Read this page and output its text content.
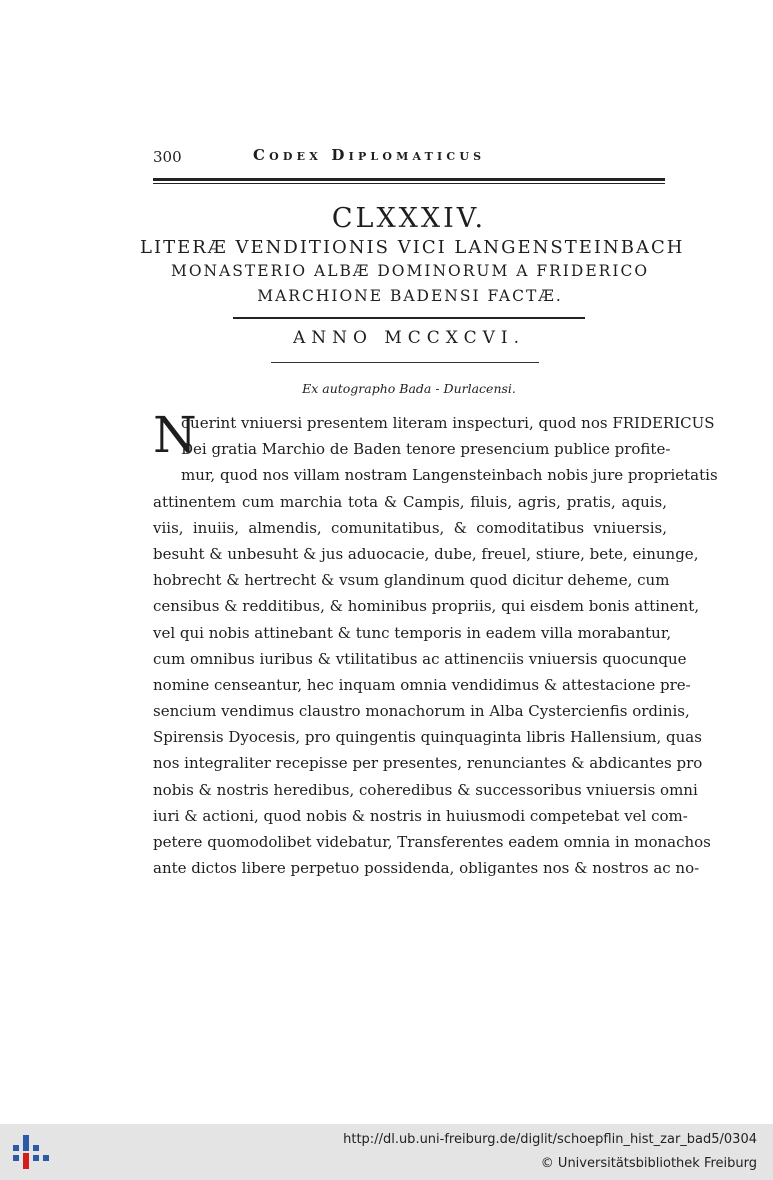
300	Codex Diplomaticus
CLXXXIV.
LITERÆ VENDITIONIS VICI LANGENSTEINBACH
MONASTERIO ALBÆ DOMINORUM A FRIDERICO
MARCHIONE BADENSI FACTÆ.
ANNO MCCXCVI.
Ex autographo Bada - Durlacensi.
N
ouerint vniuersi presentem literam inspecturi, quod nos FRIDERICUS
Dei gratia Marchio de Baden tenore presencium publice profite-
mur, quod nos villam nostram Langensteinbach nobis jure proprietatis
attinentem cum marchia tota & Campis, filuis, agris, pratis, aquis,
viis, inuiis, almendis, comunitatibus, & comoditatibus vniuersis,
besuht & unbesuht & jus aduocacie, dube, freuel, stiure, bete, einunge,
hobrecht & hertrecht & vsum glandinum quod dicitur deheme, cum
censibus & redditibus, & hominibus propriis, qui eisdem bonis attinent,
vel qui nobis attinebant & tunc temporis in eadem villa morabantur,
cum omnibus iuribus & vtilitatibus ac attinenciis vniuersis quocunque
nomine censeantur, hec inquam omnia vendidimus & attestacione pre-
sencium vendimus claustro monachorum in Alba Cystercienfis ordinis,
Spirensis Dyocesis, pro quingentis quinquaginta libris Hallensium, quas
nos integraliter recepisse per presentes, renunciantes & abdicantes pro
nobis & nostris heredibus, coheredibus & successoribus vniuersis omni
iuri & actioni, quod nobis & nostris in huiusmodi competebat vel com-
petere quomodolibet videbatur, Transferentes eadem omnia in monachos
ante dictos libere perpetuo possidenda, obligantes nos & nostros ac no-
http://dl.ub.uni-freiburg.de/diglit/schoepflin_hist_zar_bad5/0304
© Universitätsbibliothek Freiburg
